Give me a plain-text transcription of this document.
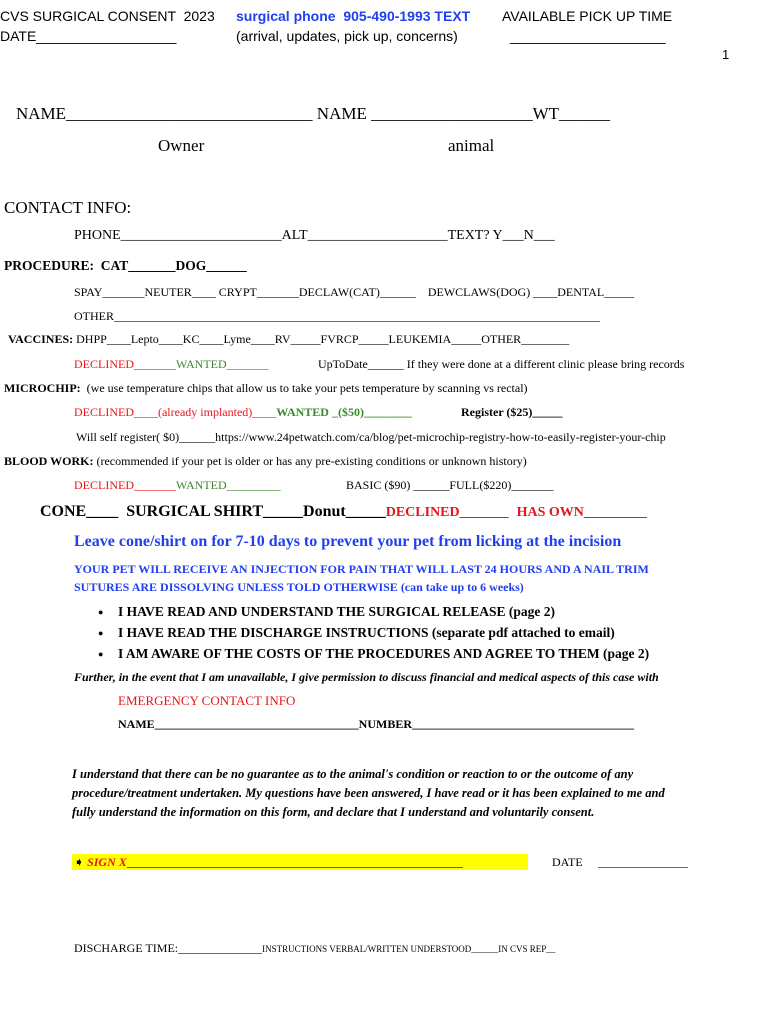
CVS SURGICAL CONSENT  2023
DATE__________________
surgical phone  905-490-1993 TEXT
(arrival, updates, pick up, concerns)
AVAILABLE PICK UP TIME
____________________
1
NAME_____________________________ NAME ___________________WT______
Owner	animal
CONTACT INFO:
PHONE_______________________ALT____________________TEXT? Y___N___
PROCEDURE:  CAT_______DOG______
SPAY_______NEUTER____ CRYPT_______DECLAW(CAT)______    DEWCLAWS(DOG) ____DENTAL_____
OTHER_________________________________________________________________________________
VACCINES: DHPP____Lepto____KC____Lyme____RV_____FVRCP_____LEUKEMIA_____OTHER________
DECLINED_______WANTED_______	UpToDate______ If they were done at a different clinic please bring records
MICROCHIP:  (we use temperature chips that allow us to take your pets temperature by scanning vs rectal)
DECLINED____(already implanted)____WANTED _($50)________	Register ($25)_____
Will self register( $0)______https://www.24petwatch.com/ca/blog/pet-microchip-registry-how-to-easily-register-your-chip
BLOOD WORK: (recommended if your pet is older or has any pre-existing conditions or unknown history)
DECLINED_______WANTED_________	BASIC ($90) ______FULL($220)_______
CONE____  SURGICAL SHIRT_____Donut_____DECLINED_______ HAS OWN_________
Leave cone/shirt on for 7-10 days to prevent your pet from licking at the incision
YOUR PET WILL RECEIVE AN INJECTION FOR PAIN THAT WILL LAST 24 HOURS AND A NAIL TRIM
SUTURES ARE DISSOLVING UNLESS TOLD OTHERWISE (can take up to 6 weeks)
● I HAVE READ AND UNDERSTAND THE SURGICAL RELEASE (page 2)
● I HAVE READ THE DISCHARGE INSTRUCTIONS (separate pdf attached to email)
● I AM AWARE OF THE COSTS OF THE PROCEDURES AND AGREE TO THEM (page 2)
Further, in the event that I am unavailable, I give permission to discuss financial and medical aspects of this case with
EMERGENCY CONTACT INFO
NAME__________________________________NUMBER_____________________________________
I understand that there can be no guarantee as to the animal's condition or reaction to or the outcome of any
procedure/treatment undertaken. My questions have been answered, I have read or it has been explained to me and
fully understand the information on this form, and declare that I understand and voluntarily consent.
➧ SIGN X________________________________________________________	DATE _______________
DISCHARGE TIME:______________INSTRUCTIONS VERBAL/WRITTEN UNDERSTOOD______IN CVS REP__
